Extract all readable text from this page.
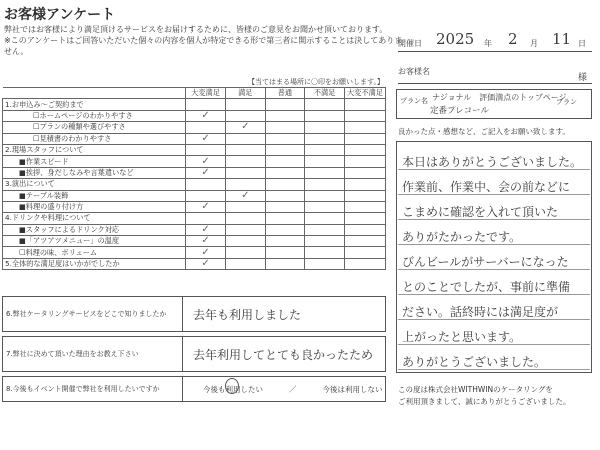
お客様アンケート
弊社ではお客様により満足頂けるサービスをお届けするために、皆様のご意見をお聞かせ頂いております。
※このアンケートはご回答いただいた個々の内容を個人が特定できる形で第三者に開示することは決してありま
せん。
開催日 2025 年 2 月 11 日
お客様名
様
プラン名 ナジョナル　評価満点のトップページ
定番プレコール
プラン
【当てはまる場所に〇印をお願いします。】
	大変満足	満足	普通	不満足	大変不満足
1.お申込み～ご契約まで					
☐ホームページのわかりやすさ	✓				
☐プランの種類や選びやすさ		✓			
☐見積書のわかりやすさ	✓				
2.現場スタッフについて					
■作業スピード	✓				
■挨拶、身だしなみや言葉遣いなど	✓				
3.演出について					
■テーブル装飾		✓			
■料理の盛り付け方	✓				
4.ドリンクや料理について					
■スタッフによるドリンク対応	✓				
■「アツアツメニュー」の温度	✓				
☐料理の味、ボリューム	✓				
5.全体的な満足度はいかがでしたか	✓				
6.弊社ケータリングサービスをどこで知りましたか	去年も利用しました
7.弊社に決めて頂いた理由をお教え下さい	去年利用してとても良かったため
8.今後もイベント開催で弊社を利用したいですか	今後も利用したい	／	今後は利用しない
良かった点・感想など、ご記入をお願い致します。
本日はありがとうございました。
作業前、作業中、会の前などに
こまめに確認を入れて頂いた
ありがたかったです。
びんビールがサーバーになった
とのことでしたが、事前に準備
ださい。話終時には満足度が
上がったと思います。
ありがとうございました。
この度は株式会社WITHWINのケータリングを
ご利用頂きまして、誠にありがとうございました。
